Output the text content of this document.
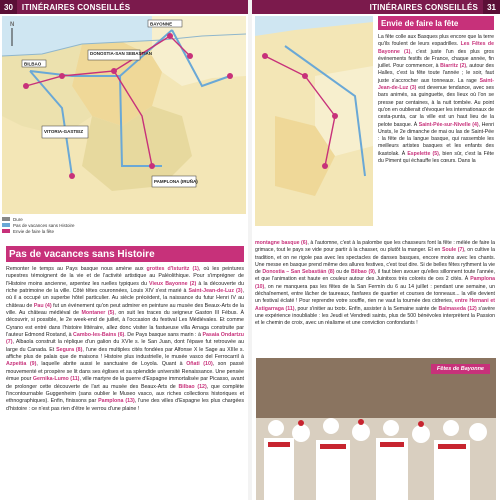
30	ITINÉRAIRES CONSEILLÉS	ITINÉRAIRES CONSEILLÉS	31
BAYONNE
DONOSTIA-SAN SEBASTIÁN
BILBAO
VITORIA-GASTEIZ
PAMPLONA (IRUÑA)
N
Dure
Pas de vacances sans Histoire
Envie de faire la fête
Pas de vacances sans Histoire
Remonter le temps au Pays basque nous amène aux grottes d'Isturitz (1), où les peintures rupestres témoignent de la vie et de l'activité artistique au Paléolithique. Pour s'imprégner de l'Histoire moins ancienne, arpentez les ruelles typiques du Vieux Bayonne (2) à la découverte du riche patrimoine de la ville. Côté têtes couronnées, Louis XIV s'est marié à Saint-Jean-de-Luz (3), où il a occupé un superbe hôtel particulier. Au siècle précédent, la naissance du futur Henri IV au château de Pau (4) fut un événement qu'on peut admirer en peinture au musée des Beaux-Arts de la ville. Au château médiéval de Montaner (5), on suit les traces du seigneur Gaston III Fébus. À découvrir, si possible, le 2e week-end de juillet, à l'occasion du festival Les Médiévales. Et comme Cyrano est entré dans l'histoire littéraire, allez donc visiter la fastueuse villa Arnaga construite par l'auteur Edmond Rostand, à Cambo-les-Bains (6). De Pays basque sans marin : à Pasaia Ondartzu (7), Albaola construit la réplique d'un galion du XVIe s. le San Juan, dont l'épave fut retrouvée au large du Canada. Et Segura (8), l'une des multiples cités fondées par Alfonse X le Sage au XIIIe s. affiche plus de palais que de maisons ! Histoire plus industrielle, le musée vasco del Ferrocarril à Azpeitia (9), laquelle abrite aussi le sanctuaire de Loyola. Quant à Oñati (10), son passé mouvementé et prospère se lit dans ses églises et sa splendide université Renaissance. Une pensée émue pour Gernika-Lumo (11), ville martyre de la guerre d'Espagne immortalisée par Picasso, avant de prolonger cette découverte de l'art au musée des Beaux-Arts de Bilbao (12), que complète l'incontournable Guggenheim (sans oublier le Museo vasco, aux riches collections historiques et ethnographiques). Enfin, finissons par Pamplona (13), l'une des villes d'Espagne les plus chargées d'histoire : ce n'est pas rien d'être le verrou d'une plaine !
Envie de faire la fête
La fête colle aux Basques plus encore que la terre qu'ils foulent de leurs espadrilles. Les Fêtes de Bayonne (1), c'est juste l'un des plus gros événements festifs de France, chaque année, fin juillet. Pour commencer, à Biarritz (2), autour des Halles, c'est la fête toute l'année ; le soir, faut juste s'accrocher aux tonneaux. La rage Saint-Jean-de-Luz (3) est devenue tendance, avec ses bars animés, sa guinguette, des lieux où l'on se presse par centaines, à la nuit tombée. Au point qu'on en oublierait d'évoquer les internationaux de cesta-punta, car la ville est un haut lieu de la pelote basque. À Saint-Pée-sur-Nivelle (4), Henri Unsts, le 2e dimanche de mai ou las de Saint-Pée : la fête de la langue basque, qui rassemble les meilleurs artistes basques et les enfants des ikastolak. À Espelette (5), bien sûr, c'est la Fête du Piment qui échauffe les cœurs. Dans la
montagne basque (6), à l'automne, c'est à la palombe que les chasseurs font la fête : mélée de faire la grimace, tout le pays se vide pour partir à la chasser, ou plutôt la manger. Et en Soule (7), on cultive la tradition, et on ne rigole pas avec les spectacles de danses basques, encore moins avec les chants. Une messe en basque prend même des allures festives, c'est tout dire. Si de belles fêtes rythment la vie de Donostia – San Sebastián (8) ou de Bilbao (9), il faut bien avouer qu'elles sillonnent toute l'année, et que l'animation est haute en couleur autour des Juinitxos très colorés de ces 2 cités. À Pamplona (10), on ne manquera pas les fêtes de la San Fermín du 6 au 14 juillet : pendant une semaine, un déchaînement, entre lâcher de taureaux, fanfares de quartier et courses de tonneaux... la ville devient un festival éclaté ! Pour reprendre votre souffle, rien ne vaut la tournée des cidreries, entre Hernani et Astigarraga (11), pour s'initier au txotx. Enfin, assister à la Semaine sainte de Balmaseda (12) s'avère une expérience inoubliable : les Jeudi et Vendredi saints, plus de 500 bénévoles interprètent la Passion et le chemin de croix, avec un réalisme et une conviction confondants !
Fêtes de Bayonne
